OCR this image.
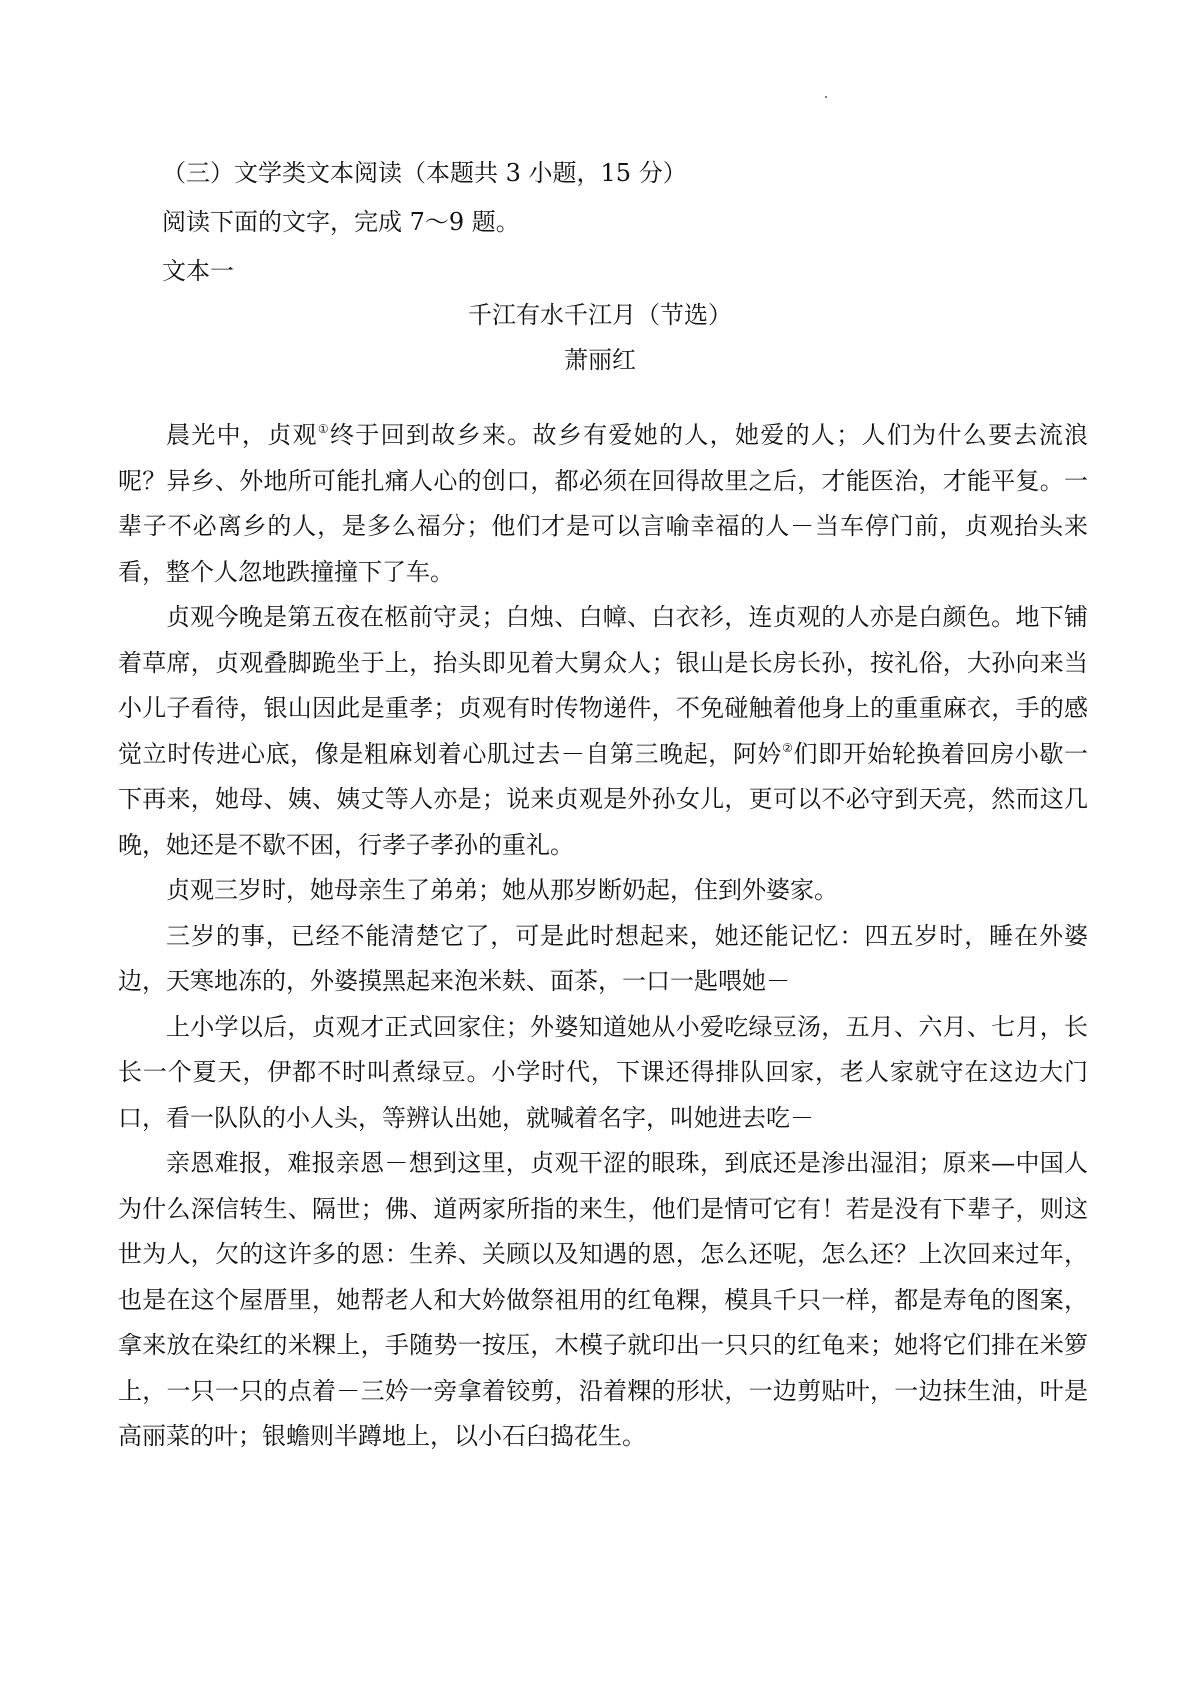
（三）文学类文本阅读（本题共 3 小题，15 分）
阅读下面的文字，完成 7～9 题。
文本一
千江有水千江月（节选）
萧丽红

晨光中，贞观①终于回到故乡来。故乡有爱她的人，她爱的人；人们为什么要去流浪呢？异乡、外地所可能扎痛人心的创口，都必须在回得故里之后，才能医治，才能平复。一辈子不必离乡的人，是多么福分；他们才是可以言喻幸福的人－当车停门前，贞观抬头来看，整个人忽地跌撞撞下了车。

贞观今晚是第五夜在柩前守灵；白烛、白幛、白衣衫，连贞观的人亦是白颜色。地下铺着草席，贞观叠脚跪坐于上，抬头即见着大舅众人；银山是长房长孙，按礼俗，大孙向来当小儿子看待，银山因此是重孝；贞观有时传物递件，不免碰触着他身上的重重麻衣，手的感觉立时传进心底，像是粗麻划着心肌过去－自第三晚起，阿妗②们即开始轮换着回房小歇一下再来，她母、姨、姨丈等人亦是；说来贞观是外孙女儿，更可以不必守到天亮，然而这几晚，她还是不歇不困，行孝子孝孙的重礼。

贞观三岁时，她母亲生了弟弟；她从那岁断奶起，住到外婆家。

三岁的事，已经不能清楚它了，可是此时想起来，她还能记忆：四五岁时，睡在外婆边，天寒地冻的，外婆摸黑起来泡米麸、面茶，一口一匙喂她－

上小学以后，贞观才正式回家住；外婆知道她从小爱吃绿豆汤，五月、六月、七月，长长一个夏天，伊都不时叫煮绿豆。小学时代，下课还得排队回家，老人家就守在这边大门口，看一队队的小人头，等辨认出她，就喊着名字，叫她进去吃－

亲恩难报，难报亲恩－想到这里，贞观干涩的眼珠，到底还是渗出湿泪；原来—中国人为什么深信转生、隔世；佛、道两家所指的来生，他们是情可它有！若是没有下辈子，则这世为人，欠的这许多的恩：生养、关顾以及知遇的恩，怎么还呢，怎么还？上次回来过年，也是在这个屋厝里，她帮老人和大妗做祭祖用的红龟粿，模具千只一样，都是寿龟的图案，拿来放在染红的米粿上，手随势一按压，木模子就印出一只只的红龟来；她将它们排在米箩上，一只一只的点着－三妗一旁拿着铰剪，沿着粿的形状，一边剪贴叶，一边抹生油，叶是高丽菜的叶；银蟾则半蹲地上，以小石臼捣花生。
